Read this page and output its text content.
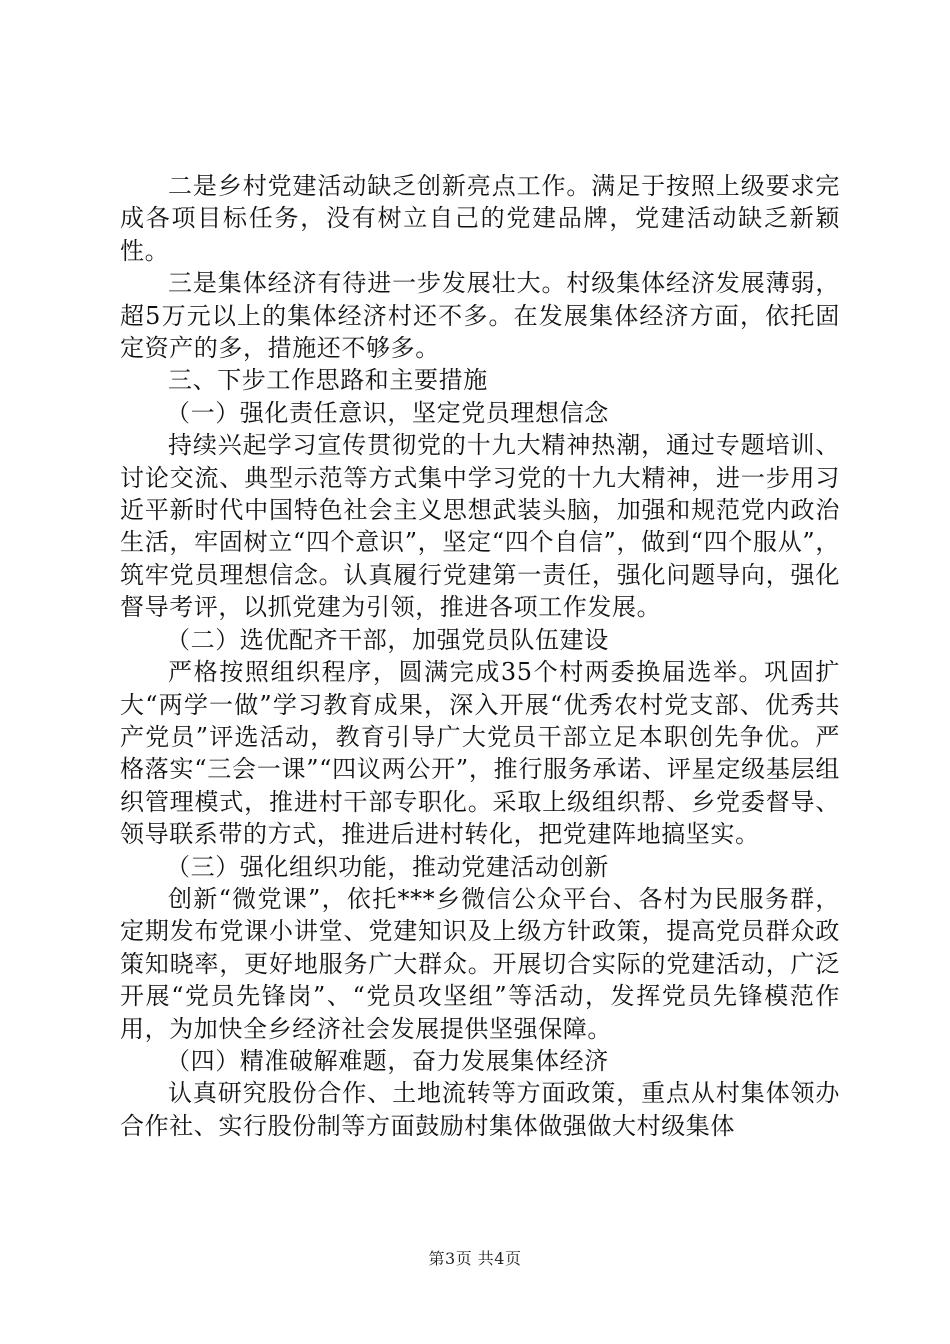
二是乡村党建活动缺乏创新亮点工作。满足于按照上级要求完成各项目标任务，没有树立自己的党建品牌，党建活动缺乏新颖性。

三是集体经济有待进一步发展壮大。村级集体经济发展薄弱，超5万元以上的集体经济村还不多。在发展集体经济方面，依托固定资产的多，措施还不够多。

三、下步工作思路和主要措施

（一）强化责任意识，坚定党员理想信念

持续兴起学习宣传贯彻党的十九大精神热潮，通过专题培训、讨论交流、典型示范等方式集中学习党的十九大精神，进一步用习近平新时代中国特色社会主义思想武装头脑，加强和规范党内政治生活，牢固树立“四个意识”，坚定“四个自信”，做到“四个服从”，筑牢党员理想信念。认真履行党建第一责任，强化问题导向，强化督导考评，以抓党建为引领，推进各项工作发展。

（二）选优配齐干部，加强党员队伍建设

严格按照组织程序，圆满完成35个村两委换届选举。巩固扩大“两学一做”学习教育成果，深入开展“优秀农村党支部、优秀共产党员”评选活动，教育引导广大党员干部立足本职创先争优。严格落实“三会一课”“四议两公开”，推行服务承诺、评星定级基层组织管理模式，推进村干部专职化。采取上级组织帮、乡党委督导、领导联系带的方式，推进后进村转化，把党建阵地搞坚实。

（三）强化组织功能，推动党建活动创新

创新“微党课”，依托***乡微信公众平台、各村为民服务群，定期发布党课小讲堂、党建知识及上级方针政策，提高党员群众政策知晓率，更好地服务广大群众。开展切合实际的党建活动，广泛开展“党员先锋岗”、“党员攻坚组”等活动，发挥党员先锋模范作用，为加快全乡经济社会发展提供坚强保障。

（四）精准破解难题，奋力发展集体经济

认真研究股份合作、土地流转等方面政策，重点从村集体领办合作社、实行股份制等方面鼓励村集体做强做大村级集体

第3页 共4页
